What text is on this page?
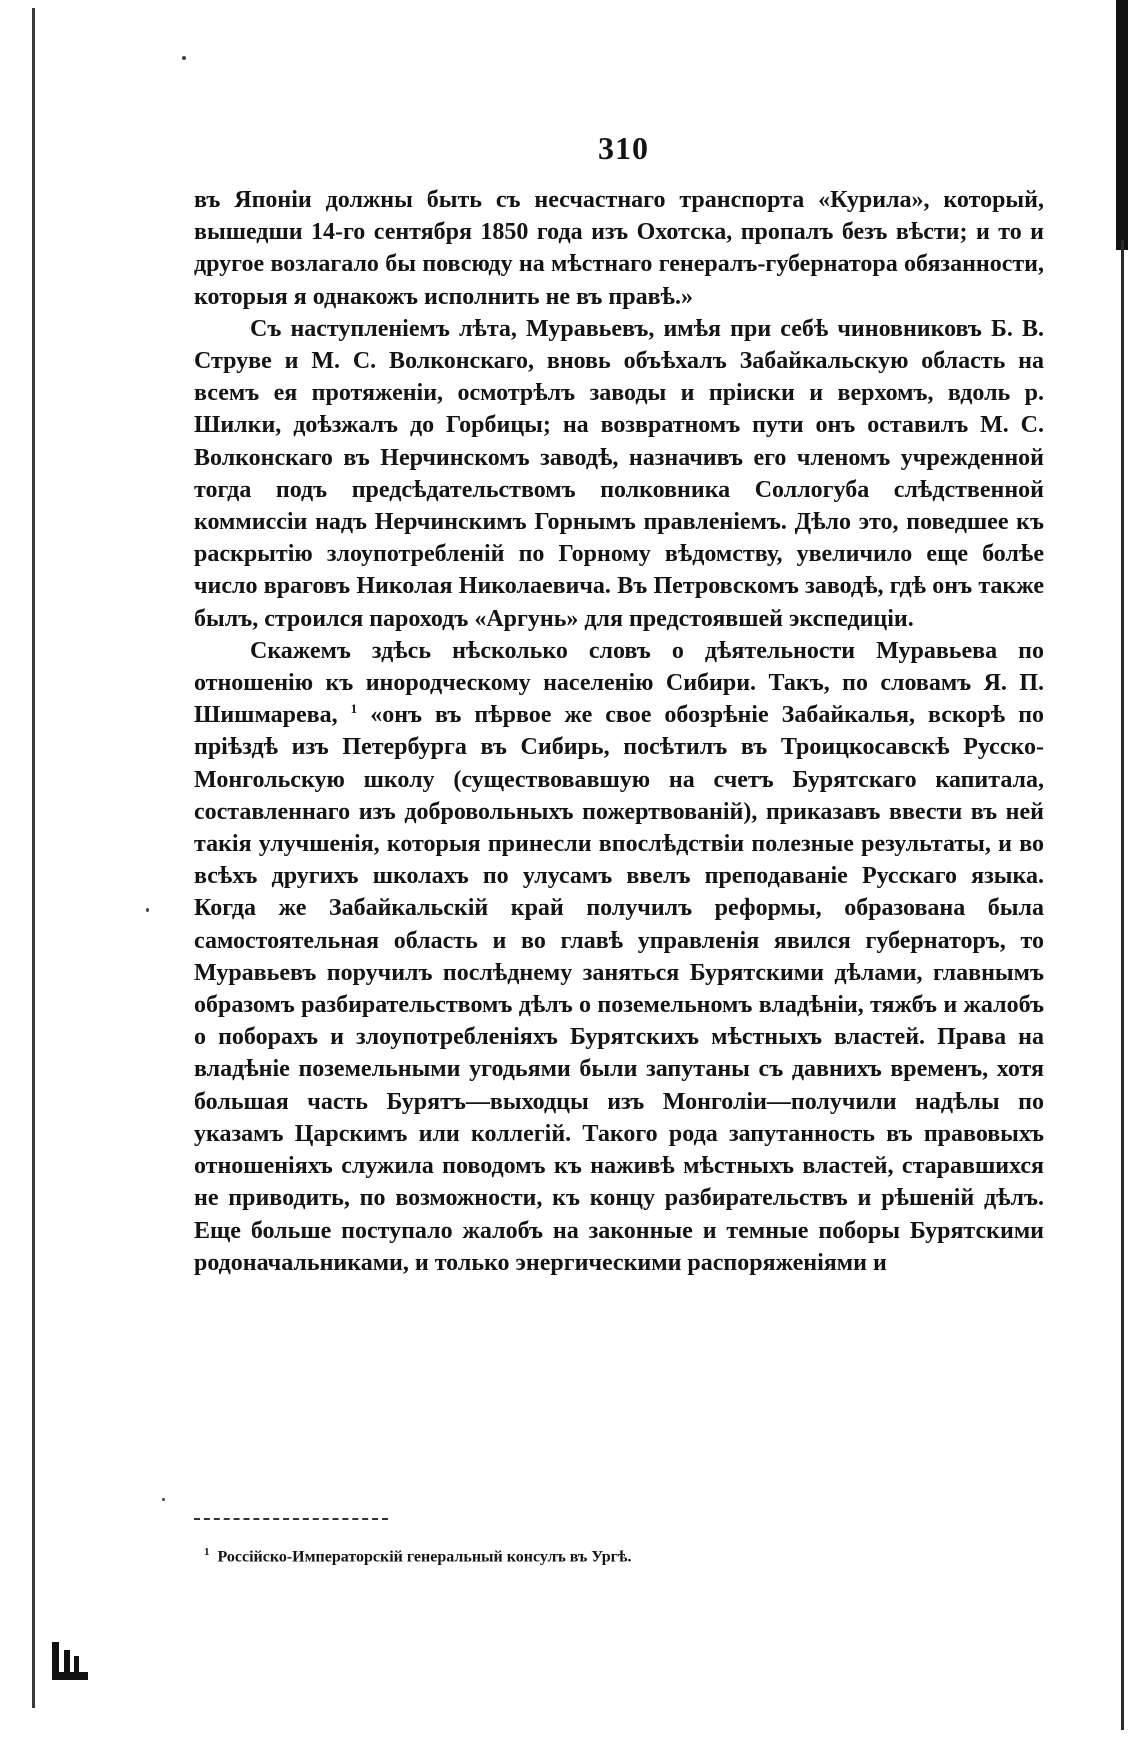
310

въ Японіи должны быть съ несчастнаго транспорта «Курила», который, вышедши 14-го сентября 1850 года изъ Охотска, пропалъ безъ вѣсти; и то и другое возлагало бы повсюду на мѣстнаго генералъ-губернатора обязанности, которыя я однакожъ исполнить не въ правѣ.»

Съ наступленіемъ лѣта, Муравьевъ, имѣя при себѣ чиновниковъ Б. В. Струве и М. С. Волконскаго, вновь объѣхалъ Забайкальскую область на всемъ ея протяженіи, осмотрѣлъ заводы и пріиски и верхомъ, вдоль р. Шилки, доѣзжалъ до Горбицы; на возвратномъ пути онъ оставилъ М. С. Волконскаго въ Нерчинскомъ заводѣ, назначивъ его членомъ учрежденной тогда подъ предсѣдательствомъ полковника Соллогуба слѣдственной коммиссіи надъ Нерчинскимъ Горнымъ правленіемъ. Дѣло это, поведшее къ раскрытію злоупотребленій по Горному вѣдомству, увеличило еще болѣе число враговъ Николая Николаевича. Въ Петровскомъ заводѣ, гдѣ онъ также былъ, строился пароходъ «Аргунь» для предстоявшей экспедиціи.

Скажемъ здѣсь нѣсколько словъ о дѣятельности Муравьева по отношенію къ инородческому населенію Сибири. Такъ, по словамъ Я. П. Шишмарева, $^1$ «онъ въ пѣрвое же свое обозрѣніе Забайкалья, вскорѣ по пріѣздѣ изъ Петербурга въ Сибирь, посѣтилъ въ Троицкосавскѣ Русско-Монгольскую школу (существовавшую на счетъ Бурятскаго капитала, составленнаго изъ добровольныхъ пожертвованій), приказавъ ввести въ ней такія улучшенія, которыя принесли впослѣдствіи полезные результаты, и во всѣхъ другихъ школахъ по улусамъ ввелъ преподаваніе Русскаго языка. Когда же Забайкальскій край получилъ реформы, образована была самостоятельная область и во главѣ управленія явился губернаторъ, то Муравьевъ поручилъ послѣднему заняться Бурятскими дѣлами, главнымъ образомъ разбирательствомъ дѣлъ о поземельномъ владѣніи, тяжбъ и жалобъ о поборахъ и злоупотребленіяхъ Бурятскихъ мѣстныхъ властей. Права на владѣніе поземельными угодьями были запутаны съ давнихъ временъ, хотя большая часть Бурятъ—выходцы изъ Монголіи—получили надѣлы по указамъ Царскимъ или коллегій. Такого рода запутанность въ правовыхъ отношеніяхъ служила поводомъ къ наживѣ мѣстныхъ властей, старавшихся не приводить, по возможности, къ концу разбирательствъ и рѣшеній дѣлъ. Еще больше поступало жалобъ на законные и темные поборы Бурятскими родоначальниками, и только энергическими распоряженіями и

$^1$ Россійско-Императорскій генеральный консулъ въ Ургѣ.
